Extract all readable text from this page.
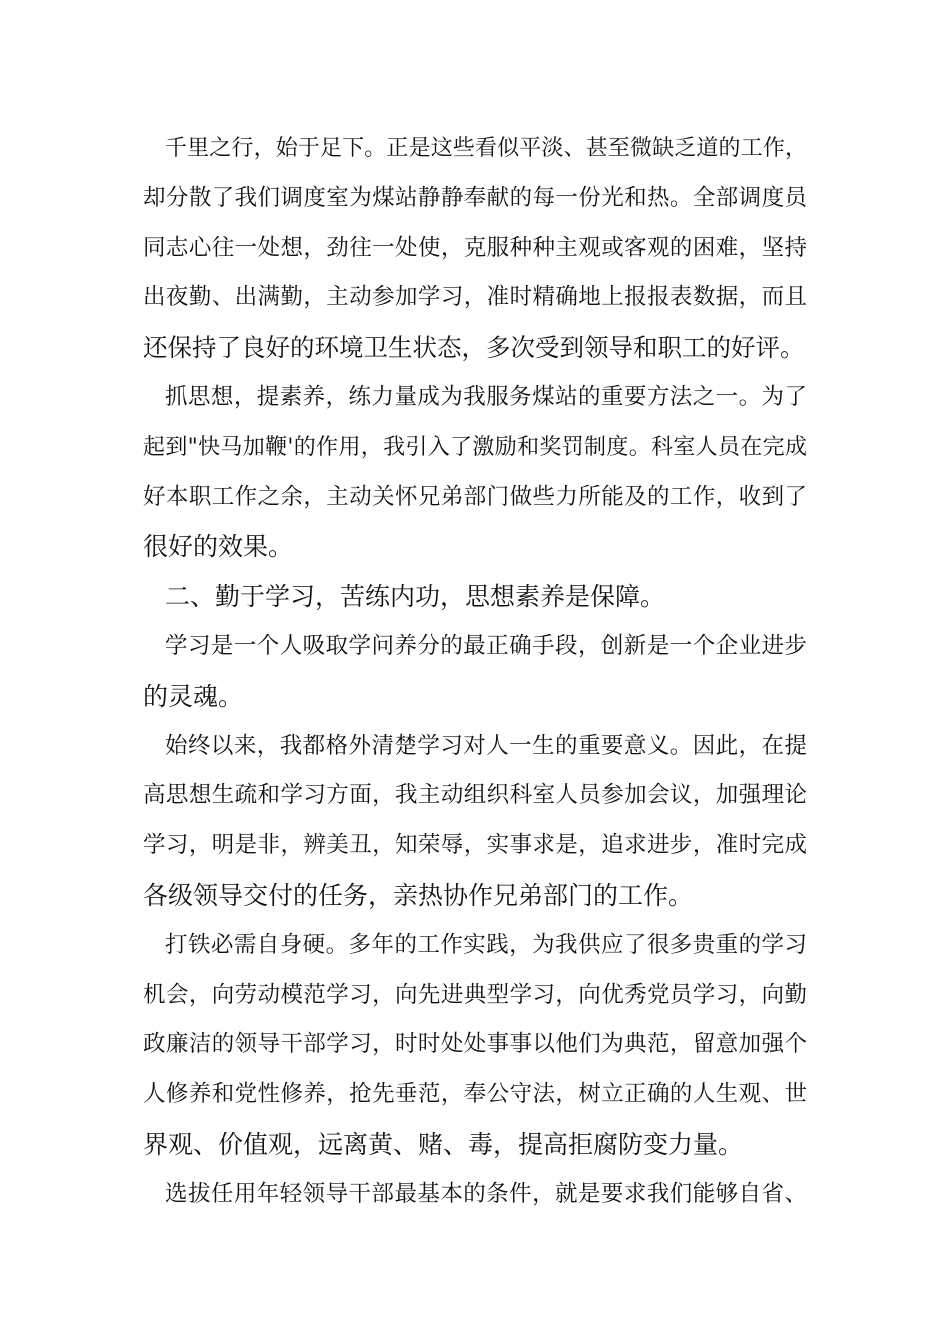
千里之行，始于足下。正是这些看似平淡、甚至微缺乏道的工作，
却分散了我们调度室为煤站静静奉献的每一份光和热。全部调度员
同志心往一处想，劲往一处使，克服种种主观或客观的困难，坚持
出夜勤、出满勤，主动参加学习，准时精确地上报报表数据，而且
还保持了良好的环境卫生状态，多次受到领导和职工的好评。
抓思想，提素养，练力量成为我服务煤站的重要方法之一。为了
起到"快马加鞭'的作用，我引入了激励和奖罚制度。科室人员在完成
好本职工作之余，主动关怀兄弟部门做些力所能及的工作，收到了
很好的效果。
二、勤于学习，苦练内功，思想素养是保障。
学习是一个人吸取学问养分的最正确手段，创新是一个企业进步
的灵魂。
始终以来，我都格外清楚学习对人一生的重要意义。因此，在提
高思想生疏和学习方面，我主动组织科室人员参加会议，加强理论
学习，明是非，辨美丑，知荣辱，实事求是，追求进步，准时完成
各级领导交付的任务，亲热协作兄弟部门的工作。
打铁必需自身硬。多年的工作实践，为我供应了很多贵重的学习
机会，向劳动模范学习，向先进典型学习，向优秀党员学习，向勤
政廉洁的领导干部学习，时时处处事事以他们为典范，留意加强个
人修养和党性修养，抢先垂范，奉公守法，树立正确的人生观、世
界观、价值观，远离黄、赌、毒，提高拒腐防变力量。
选拔任用年轻领导干部最基本的条件，就是要求我们能够自省、
